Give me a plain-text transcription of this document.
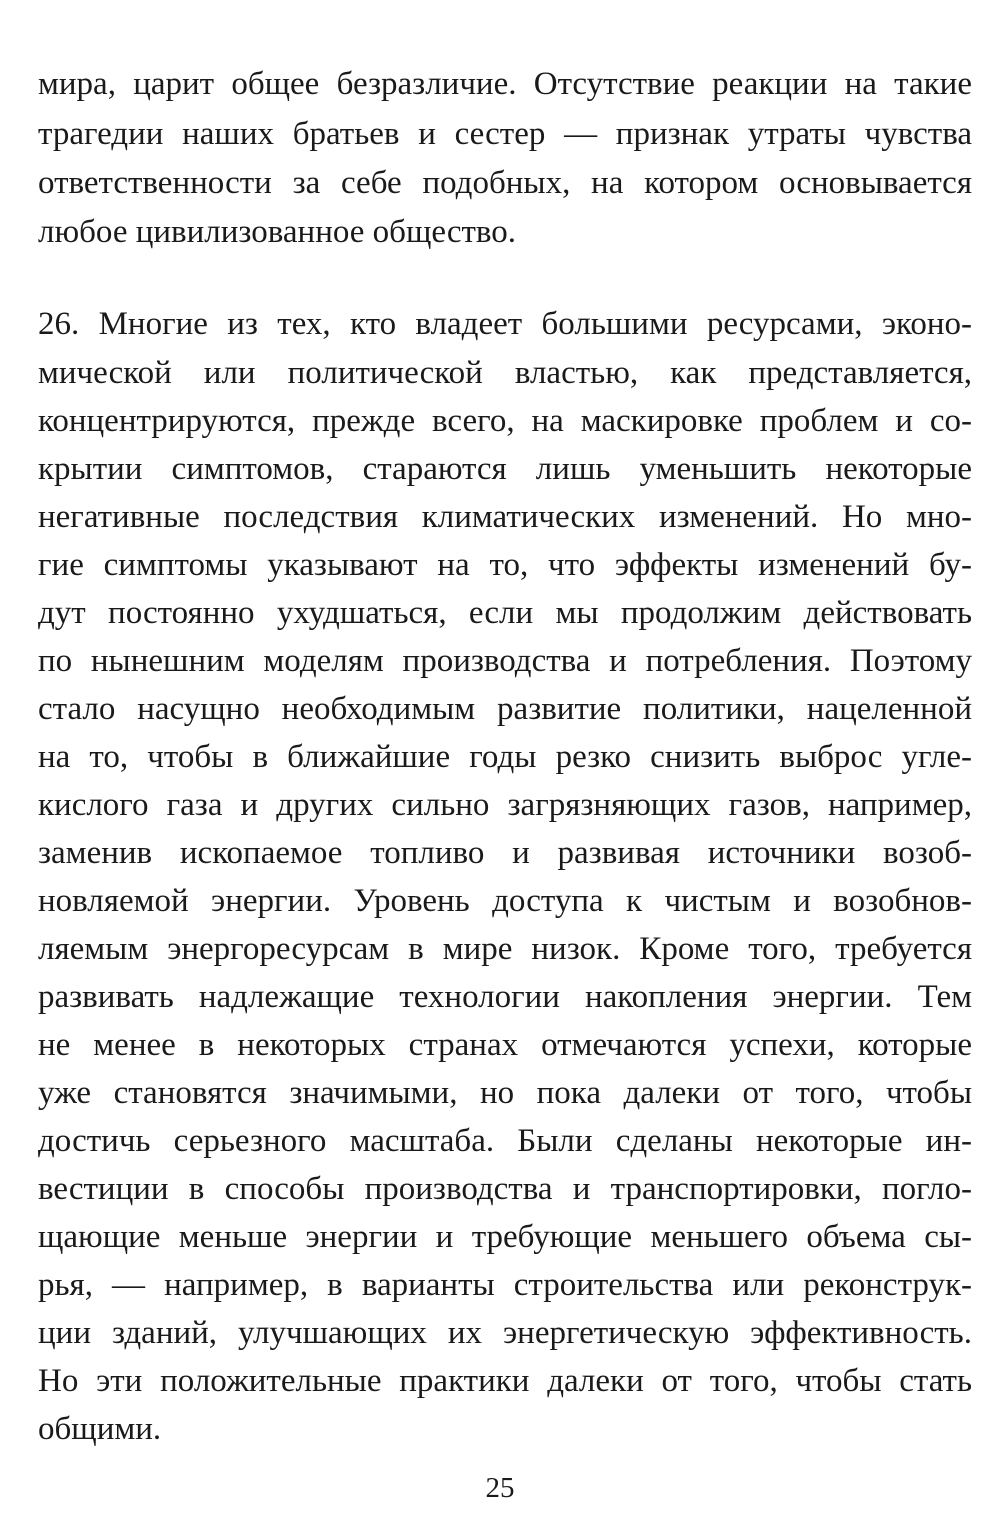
мира, царит общее безразличие. Отсутствие реакции на такие
трагедии наших братьев и сестер — признак утраты чувства
ответственности за себе подобных, на котором основывается
любое цивилизованное общество.
26. Многие из тех, кто владеет большими ресурсами, эконо-
мической или политической властью, как представляется,
концентрируются, прежде всего, на маскировке проблем и со-
крытии симптомов, стараются лишь уменьшить некоторые
негативные последствия климатических изменений. Но мно-
гие симптомы указывают на то, что эффекты изменений бу-
дут постоянно ухудшаться, если мы продолжим действовать
по нынешним моделям производства и потребления. Поэтому
стало насущно необходимым развитие политики, нацеленной
на то, чтобы в ближайшие годы резко снизить выброс угле-
кислого газа и других сильно загрязняющих газов, например,
заменив ископаемое топливо и развивая источники возоб-
новляемой энергии. Уровень доступа к чистым и возобнов-
ляемым энергоресурсам в мире низок. Кроме того, требуется
развивать надлежащие технологии накопления энергии. Тем
не менее в некоторых странах отмечаются успехи, которые
уже становятся значимыми, но пока далеки от того, чтобы
достичь серьезного масштаба. Были сделаны некоторые ин-
вестиции в способы производства и транспортировки, погло-
щающие меньше энергии и требующие меньшего объема сы-
рья, — например, в варианты строительства или реконструк-
ции зданий, улучшающих их энергетическую эффективность.
Но эти положительные практики далеки от того, чтобы стать
общими.
25
